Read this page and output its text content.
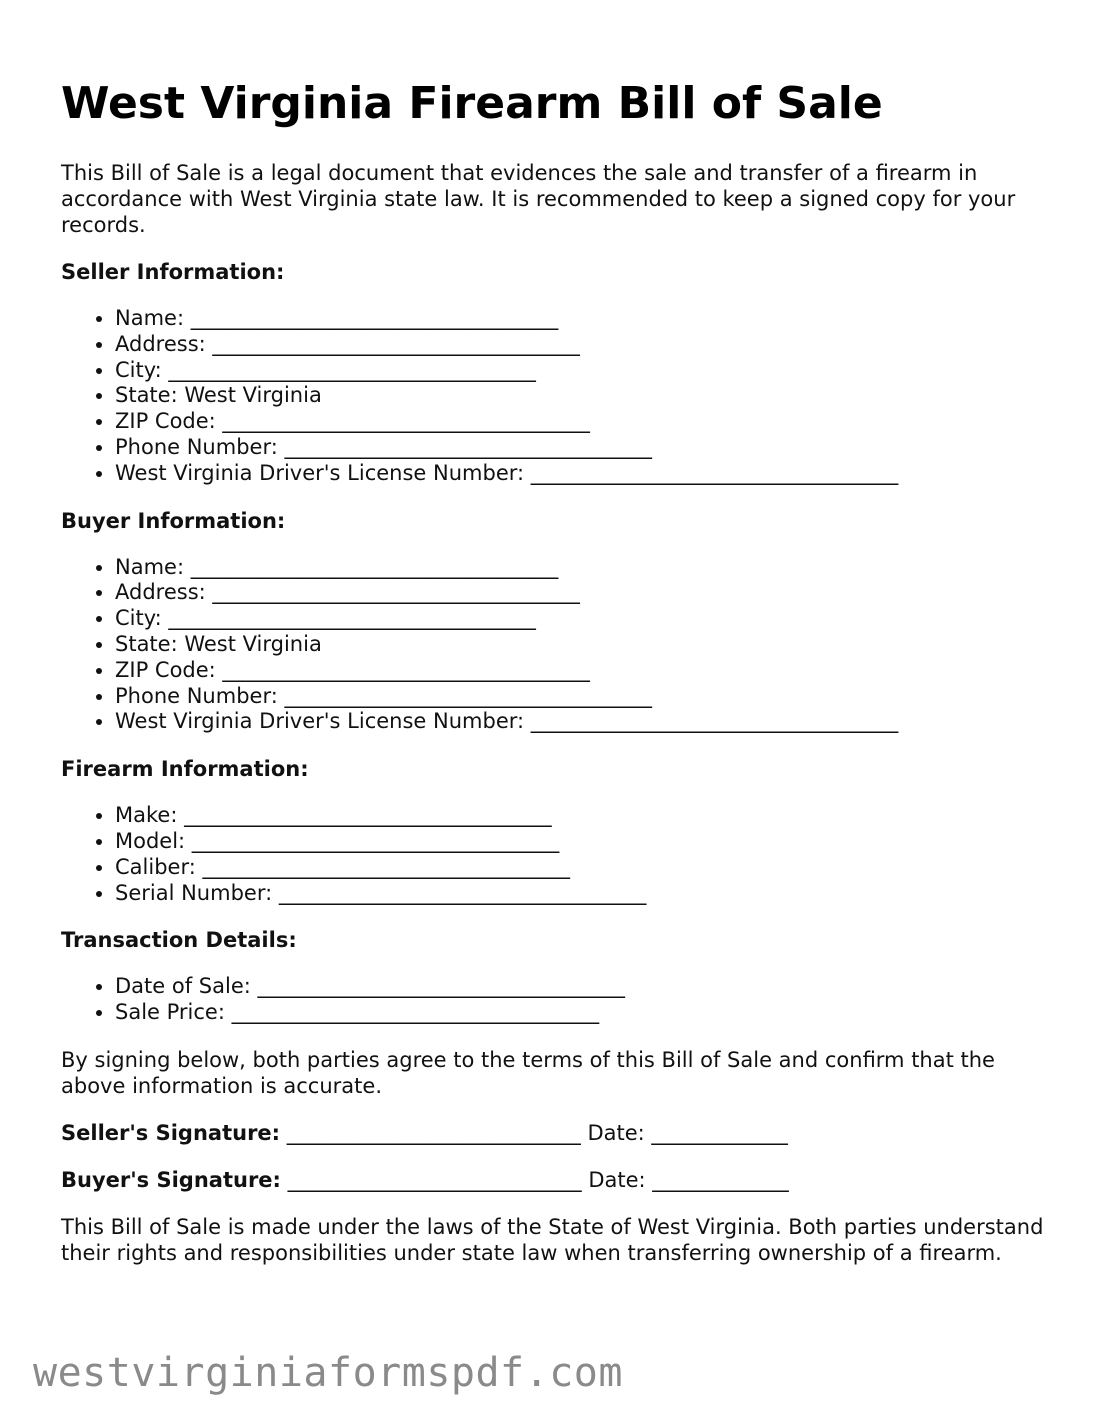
West Virginia Firearm Bill of Sale

This Bill of Sale is a legal document that evidences the sale and transfer of a firearm in accordance with West Virginia state law. It is recommended to keep a signed copy for your records.

Seller Information:
• Name: ___________________________________
• Address: ___________________________________
• City: ___________________________________
• State: West Virginia
• ZIP Code: ___________________________________
• Phone Number: ___________________________________
• West Virginia Driver's License Number: ___________________________________
Buyer Information:
• Name: ___________________________________
• Address: ___________________________________
• City: ___________________________________
• State: West Virginia
• ZIP Code: ___________________________________
• Phone Number: ___________________________________
• West Virginia Driver's License Number: ___________________________________
Firearm Information:
• Make: ___________________________________
• Model: ___________________________________
• Caliber: ___________________________________
• Serial Number: ___________________________________
Transaction Details:
• Date of Sale: ___________________________________
• Sale Price: ___________________________________

By signing below, both parties agree to the terms of this Bill of Sale and confirm that the above information is accurate.

Seller's Signature: ____________________________ Date: _____________
Buyer's Signature: ____________________________ Date: _____________

This Bill of Sale is made under the laws of the State of West Virginia. Both parties understand their rights and responsibilities under state law when transferring ownership of a firearm.

westvirginiaformspdf.com
